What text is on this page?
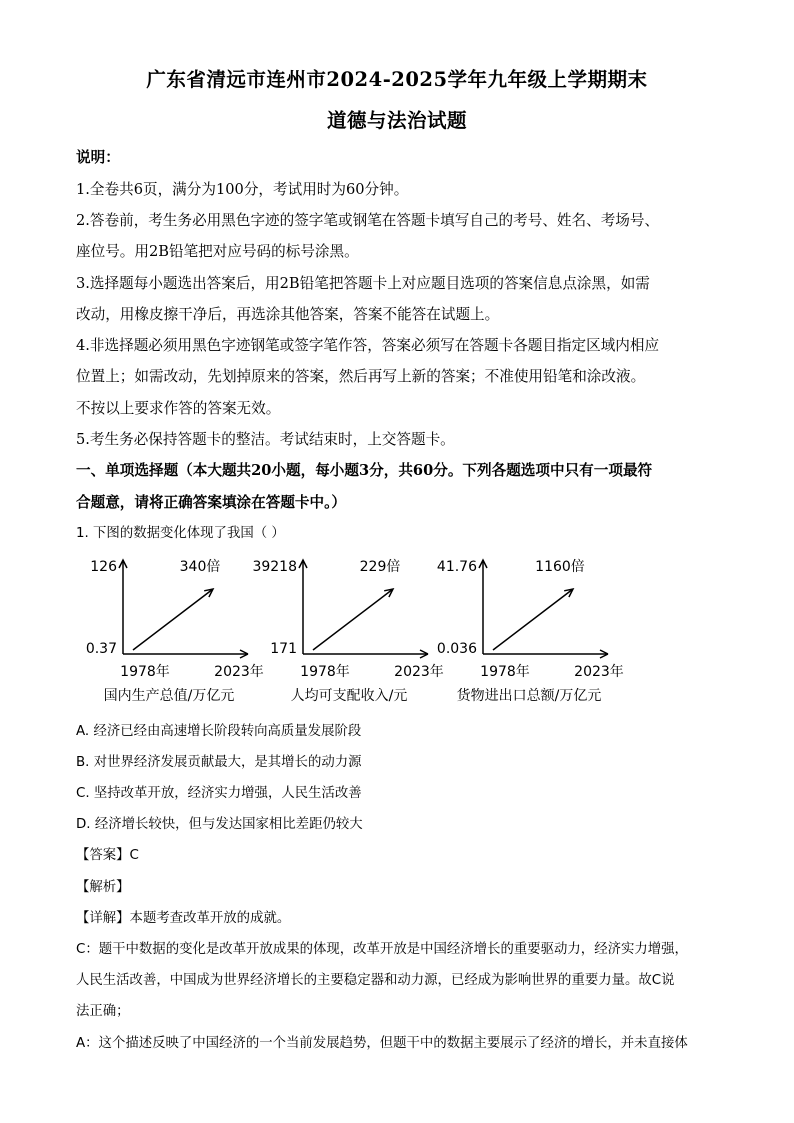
广东省清远市连州市2024-2025学年九年级上学期期末
道德与法治试题
说明：
1.全卷共6页，满分为100分，考试用时为60分钟。
2.答卷前，考生务必用黑色字迹的签字笔或钢笔在答题卡填写自己的考号、姓名、考场号、
座位号。用2B铅笔把对应号码的标号涂黑。
3.选择题每小题选出答案后，用2B铅笔把答题卡上对应题目选项的答案信息点涂黑，如需
改动，用橡皮擦干净后，再选涂其他答案，答案不能答在试题上。
4.非选择题必须用黑色字迹钢笔或签字笔作答，答案必须写在答题卡各题目指定区域内相应
位置上；如需改动，先划掉原来的答案，然后再写上新的答案；不准使用铅笔和涂改液。
不按以上要求作答的答案无效。
5.考生务必保持答题卡的整洁。考试结束时，上交答题卡。
一、单项选择题（本大题共20小题，每小题3分，共60分。下列各题选项中只有一项最符
合题意，请将正确答案填涂在答题卡中。）
1. 下图的数据变化体现了我国（ ）
126
0.37
340倍
1978年	2023年
国内生产总值/万亿元
39218
171
229倍
1978年	2023年
人均可支配收入/元
41.76
0.036
1160倍
1978年	2023年
货物进出口总额/万亿元
A. 经济已经由高速增长阶段转向高质量发展阶段
B. 对世界经济发展贡献最大，是其增长的动力源
C. 坚持改革开放，经济实力增强，人民生活改善
D. 经济增长较快，但与发达国家相比差距仍较大
【答案】C
【解析】
【详解】本题考查改革开放的成就。
C：题干中数据的变化是改革开放成果的体现，改革开放是中国经济增长的重要驱动力，经济实力增强，
人民生活改善，中国成为世界经济增长的主要稳定器和动力源，已经成为影响世界的重要力量。故C说
法正确；
A：这个描述反映了中国经济的一个当前发展趋势，但题干中的数据主要展示了经济的增长，并未直接体
